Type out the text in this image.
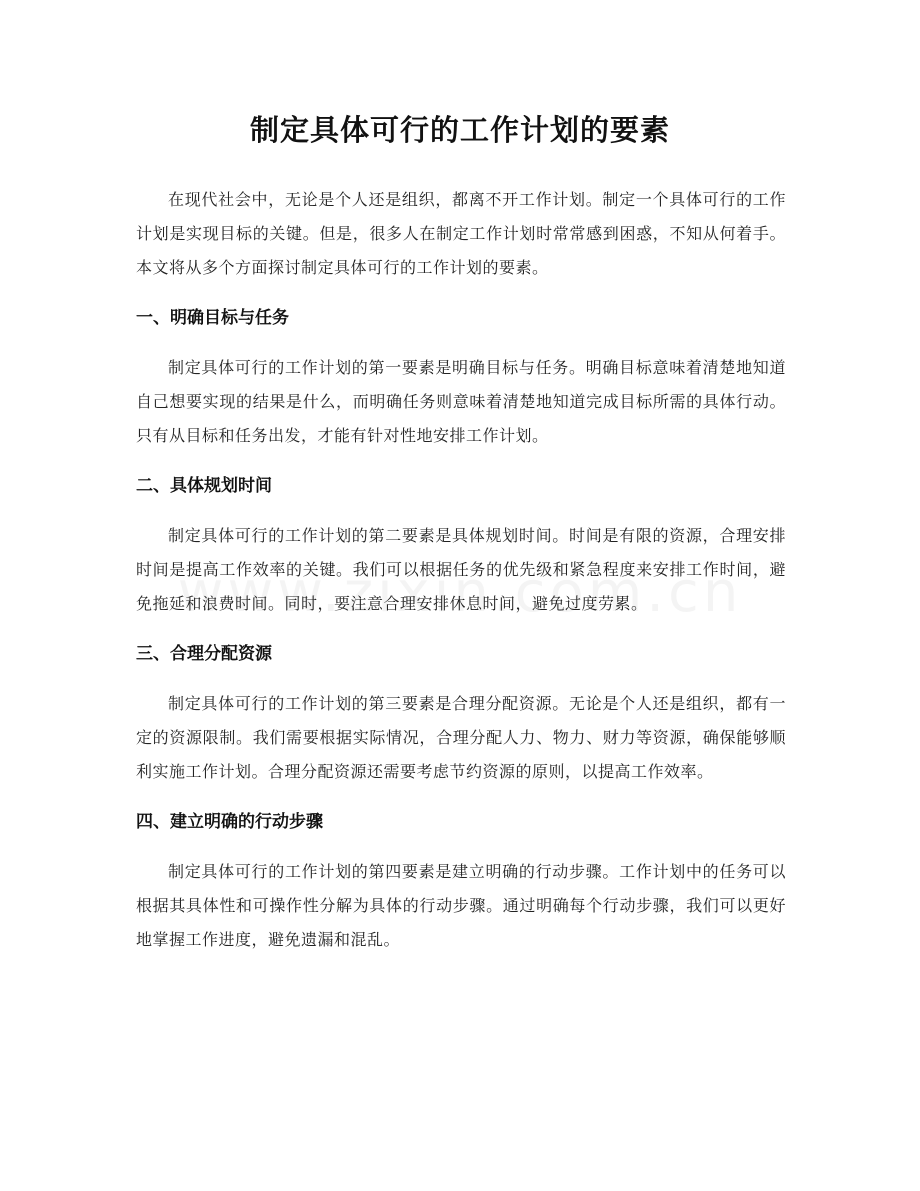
制定具体可行的工作计划的要素

在现代社会中，无论是个人还是组织，都离不开工作计划。制定一个具体可行的工作计划是实现目标的关键。但是，很多人在制定工作计划时常常感到困惑，不知从何着手。本文将从多个方面探讨制定具体可行的工作计划的要素。

一、明确目标与任务

制定具体可行的工作计划的第一要素是明确目标与任务。明确目标意味着清楚地知道自己想要实现的结果是什么，而明确任务则意味着清楚地知道完成目标所需的具体行动。只有从目标和任务出发，才能有针对性地安排工作计划。

二、具体规划时间

制定具体可行的工作计划的第二要素是具体规划时间。时间是有限的资源，合理安排时间是提高工作效率的关键。我们可以根据任务的优先级和紧急程度来安排工作时间，避免拖延和浪费时间。同时，要注意合理安排休息时间，避免过度劳累。

三、合理分配资源

制定具体可行的工作计划的第三要素是合理分配资源。无论是个人还是组织，都有一定的资源限制。我们需要根据实际情况，合理分配人力、物力、财力等资源，确保能够顺利实施工作计划。合理分配资源还需要考虑节约资源的原则，以提高工作效率。

四、建立明确的行动步骤

制定具体可行的工作计划的第四要素是建立明确的行动步骤。工作计划中的任务可以根据其具体性和可操作性分解为具体的行动步骤。通过明确每个行动步骤，我们可以更好地掌握工作进度，避免遗漏和混乱。
